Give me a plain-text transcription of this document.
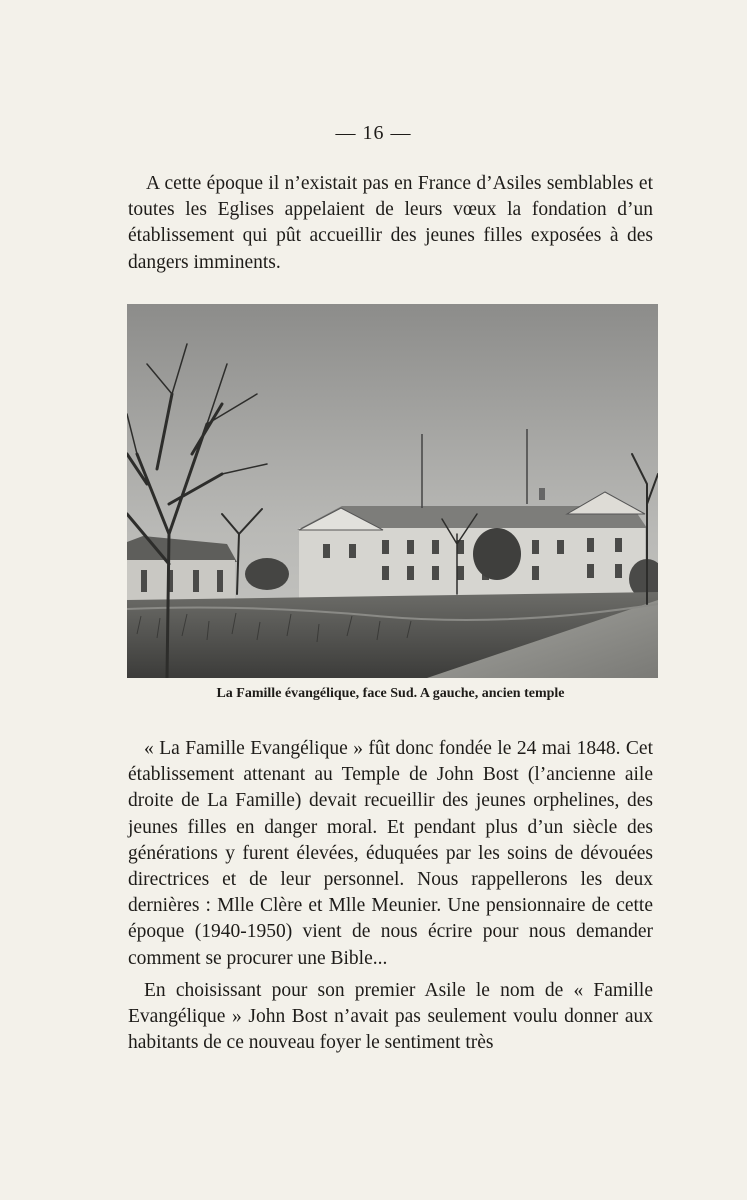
— 16 —

A cette époque il n’existait pas en France d’Asiles semblables et toutes les Eglises appelaient de leurs vœux la fondation d’un établissement qui pût accueillir des jeunes filles exposées à des dangers imminents.

La Famille évangélique, face Sud. A gauche, ancien temple

« La Famille Evangélique » fût donc fondée le 24 mai 1848. Cet établissement attenant au Temple de John Bost (l’ancienne aile droite de La Famille) devait recueillir des jeunes orphelines, des jeunes filles en danger moral. Et pendant plus d’un siècle des générations y furent élevées, éduquées par les soins de dévouées directrices et de leur personnel. Nous rappellerons les deux dernières : Mlle Clère et Mlle Meunier. Une pensionnaire de cette époque (1940-1950) vient de nous écrire pour nous demander comment se procurer une Bible...

En choisissant pour son premier Asile le nom de « Famille Evangélique » John Bost n’avait pas seulement voulu donner aux habitants de ce nouveau foyer le sentiment très
